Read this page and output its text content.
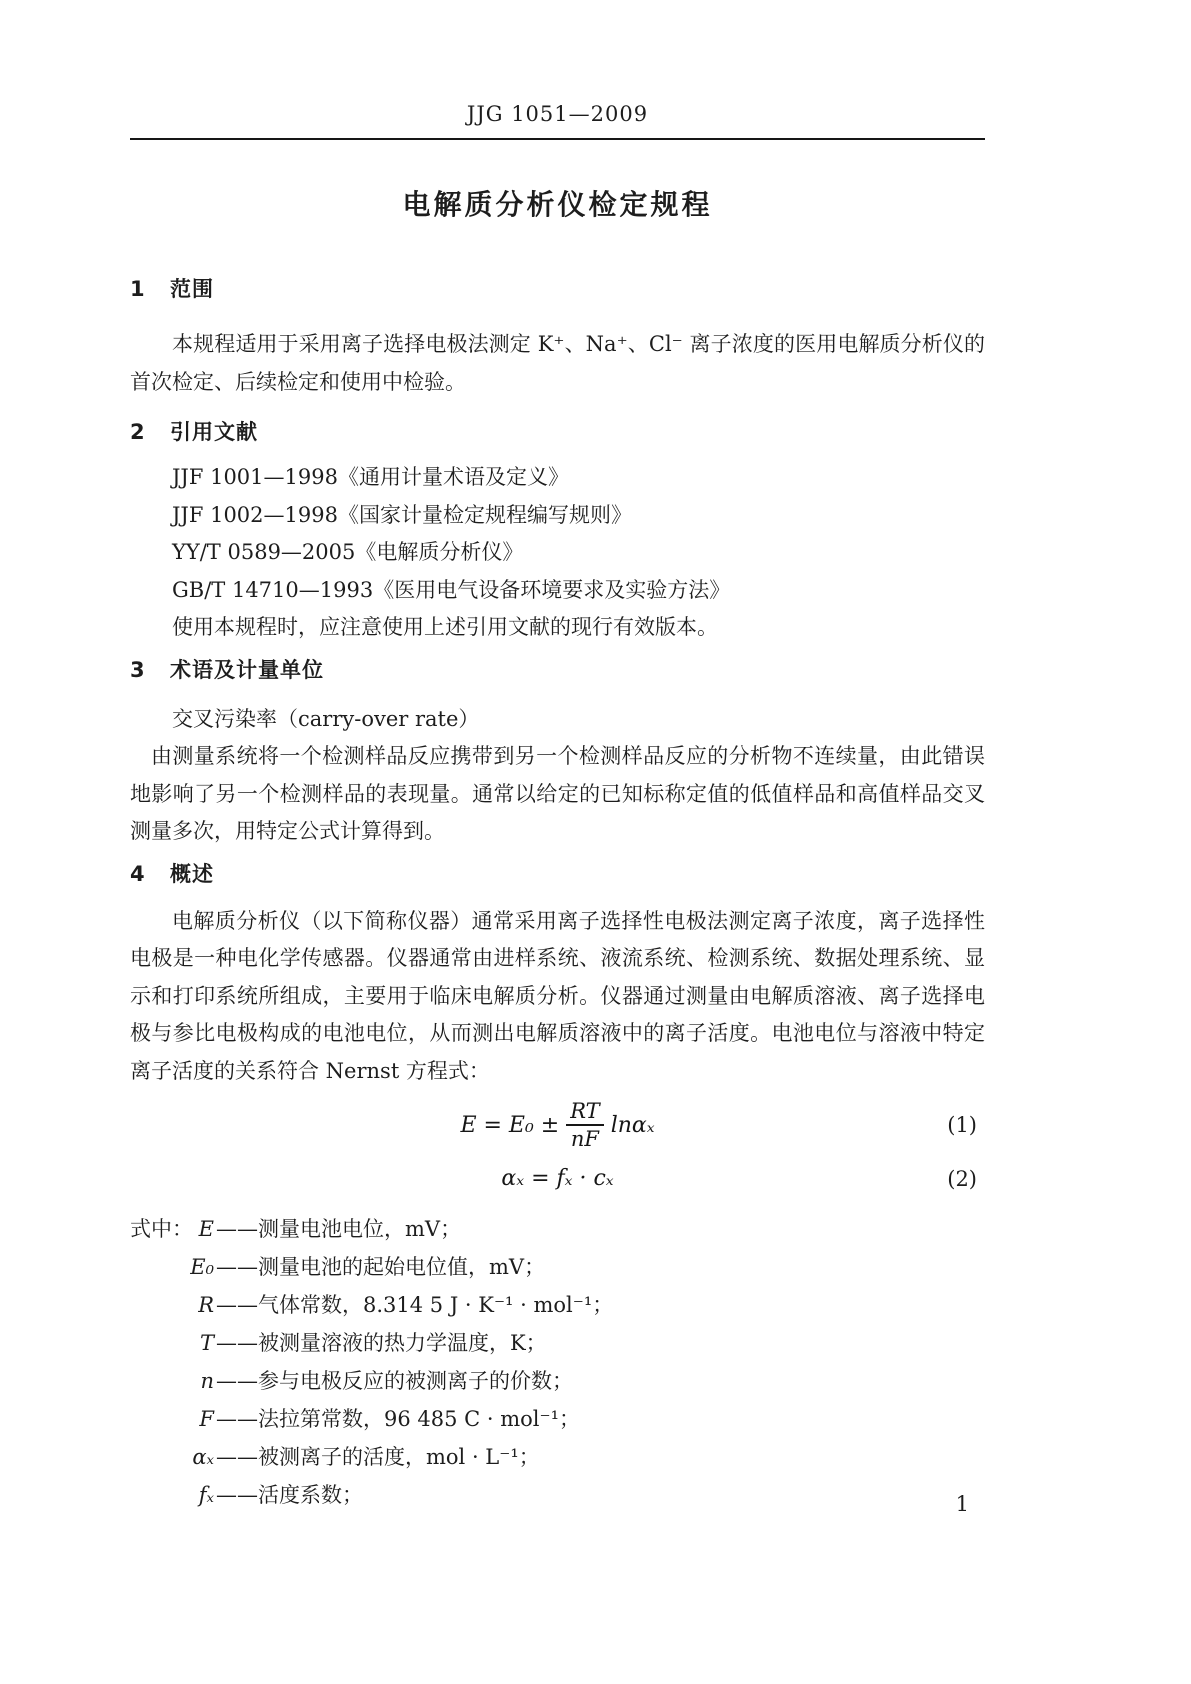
JJG 1051—2009
电解质分析仪检定规程
1 范围

本规程适用于采用离子选择电极法测定 K⁺、Na⁺、Cl⁻ 离子浓度的医用电解质分析仪的首次检定、后续检定和使用中检验。

2 引用文献
JJF 1001—1998《通用计量术语及定义》
JJF 1002—1998《国家计量检定规程编写规则》
YY/T 0589—2005《电解质分析仪》
GB/T 14710—1993《医用电气设备环境要求及实验方法》
使用本规程时，应注意使用上述引用文献的现行有效版本。
3 术语及计量单位
交叉污染率（carry-over rate）

由测量系统将一个检测样品反应携带到另一个检测样品反应的分析物不连续量，由此错误地影响了另一个检测样品的表现量。通常以给定的已知标称定值的低值样品和高值样品交叉测量多次，用特定公式计算得到。

4 概述

电解质分析仪（以下简称仪器）通常采用离子选择性电极法测定离子浓度，离子选择性电极是一种电化学传感器。仪器通常由进样系统、液流系统、检测系统、数据处理系统、显示和打印系统所组成，主要用于临床电解质分析。仪器通过测量由电解质溶液、离子选择电极与参比电极构成的电池电位，从而测出电解质溶液中的离子活度。电池电位与溶液中特定离子活度的关系符合 Nernst 方程式：

$E = E_0 \pm \frac{RT}{nF}$ lnαₓ	(1)
αₓ = fₓ · cₓ	(2)
式中： E ——测量电池电位，mV；
E₀ ——测量电池的起始电位值，mV；
R ——气体常数，8.314 5 J · K⁻¹ · mol⁻¹；
T ——被测量溶液的热力学温度，K；
n ——参与电极反应的被测离子的价数；
F ——法拉第常数，96 485 C · mol⁻¹；
αₓ ——被测离子的活度，mol · L⁻¹；
fₓ ——活度系数；	1
